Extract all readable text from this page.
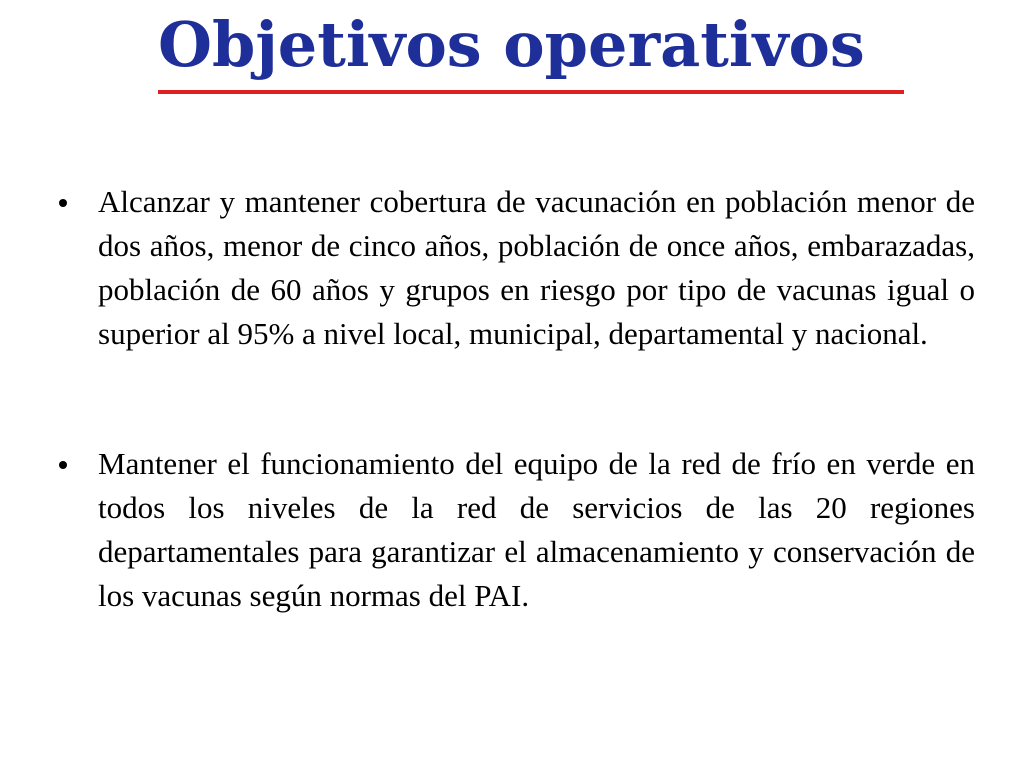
Objetivos operativos
Alcanzar y mantener cobertura de vacunación en población menor de dos años, menor de cinco años, población de once años, embarazadas, población de 60 años y grupos en riesgo por tipo de vacunas igual o superior al 95% a nivel local, municipal, departamental y nacional.
Mantener el funcionamiento del equipo de la red de frío en verde en todos los niveles de la red de servicios de las 20 regiones departamentales para garantizar el almacenamiento y conservación de los vacunas según normas del PAI.
